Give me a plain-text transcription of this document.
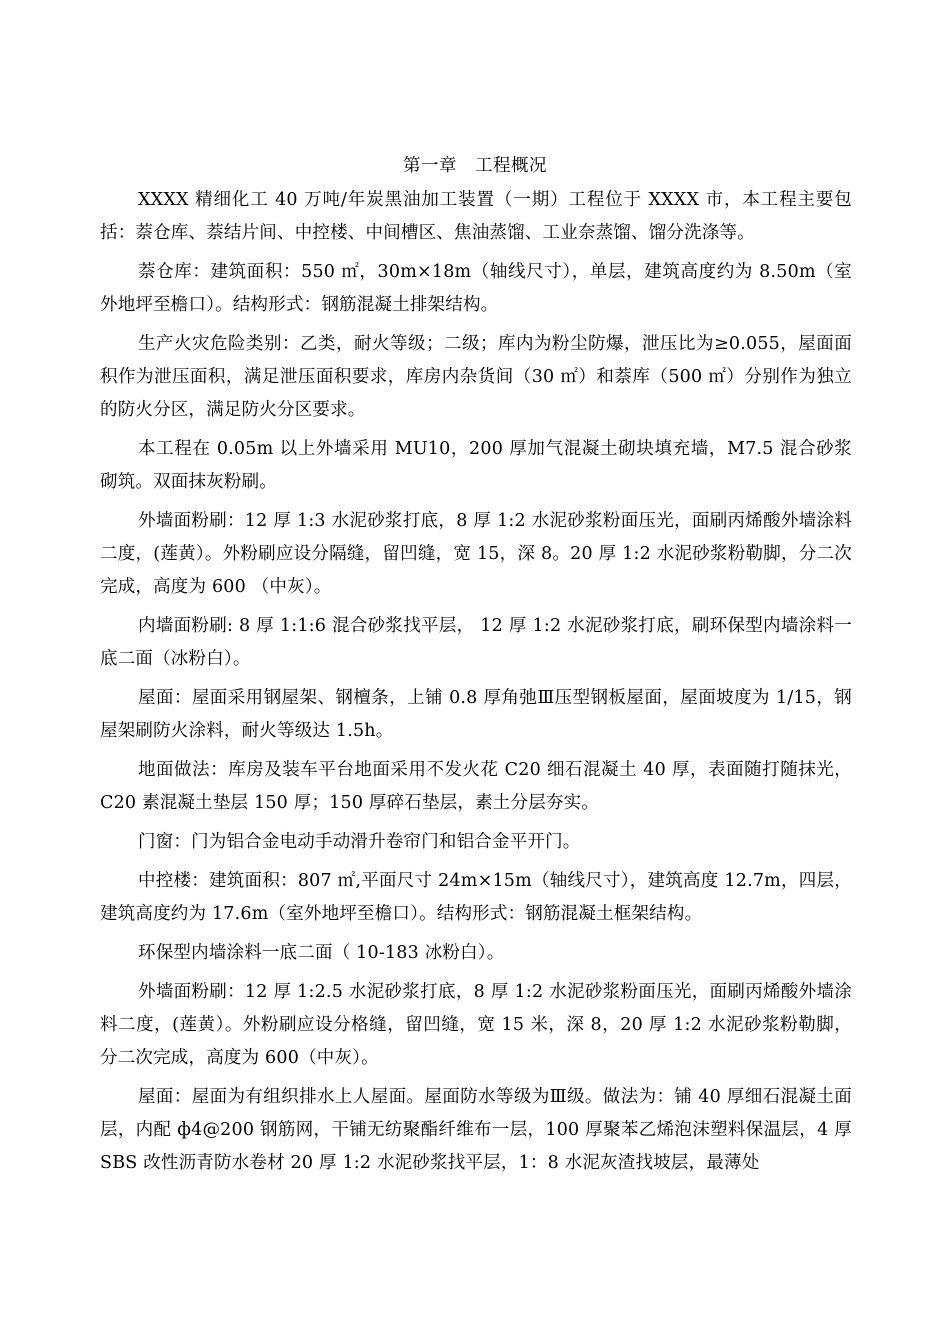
第一章　工程概况

XXXX 精细化工 40 万吨/年炭黑油加工装置（一期）工程位于 XXXX 市，本工程主要包括：萘仓库、萘结片间、中控楼、中间槽区、焦油蒸馏、工业奈蒸馏、馏分洗涤等。

萘仓库：建筑面积：550 ㎡，30m×18m（轴线尺寸），单层，建筑高度约为 8.50m（室外地坪至檐口）。结构形式：钢筋混凝土排架结构。

生产火灾危险类别：乙类，耐火等级；二级；库内为粉尘防爆，泄压比为≥0.055，屋面面积作为泄压面积，满足泄压面积要求，库房内杂货间（30 ㎡）和萘库（500 ㎡）分别作为独立的防火分区，满足防火分区要求。

本工程在 0.05m 以上外墙采用 MU10，200 厚加气混凝土砌块填充墙，M7.5 混合砂浆砌筑。双面抹灰粉刷。

外墙面粉刷：12 厚 1:3 水泥砂浆打底，8 厚 1:2 水泥砂浆粉面压光，面刷丙烯酸外墙涂料二度，(莲黄）。外粉刷应设分隔缝，留凹缝，宽 15，深 8。20 厚 1:2 水泥砂浆粉勒脚，分二次完成，高度为 600 （中灰）。

内墙面粉刷: 8 厚 1:1:6 混合砂浆找平层， 12 厚 1:2 水泥砂浆打底，刷环保型内墙涂料一底二面（冰粉白）。

屋面：屋面采用钢屋架、钢檀条，上铺 0.8 厚角弛Ⅲ压型钢板屋面，屋面坡度为 1/15，钢屋架刷防火涂料，耐火等级达 1.5h。

地面做法：库房及装车平台地面采用不发火花 C20 细石混凝土 40 厚，表面随打随抹光，C20 素混凝土垫层 150 厚；150 厚碎石垫层，素土分层夯实。

门窗：门为铝合金电动手动滑升卷帘门和铝合金平开门。

中控楼：建筑面积：807 ㎡,平面尺寸 24m×15m（轴线尺寸），建筑高度 12.7m，四层，建筑高度约为 17.6m（室外地坪至檐口）。结构形式：钢筋混凝土框架结构。

环保型内墙涂料一底二面（ 10-183 冰粉白）。

外墙面粉刷：12 厚 1:2.5 水泥砂浆打底，8 厚 1:2 水泥砂浆粉面压光，面刷丙烯酸外墙涂料二度，(莲黄）。外粉刷应设分格缝，留凹缝，宽 15 米，深 8，20 厚 1:2 水泥砂浆粉勒脚，分二次完成，高度为 600（中灰）。

屋面：屋面为有组织排水上人屋面。屋面防水等级为Ⅲ级。做法为：铺 40 厚细石混凝土面层，内配 ф4@200 钢筋网，干铺无纺聚酯纤维布一层，100 厚聚苯乙烯泡沫塑料保温层，4 厚 SBS 改性沥青防水卷材 20 厚 1:2 水泥砂浆找平层，1：8 水泥灰渣找坡层，最薄处
